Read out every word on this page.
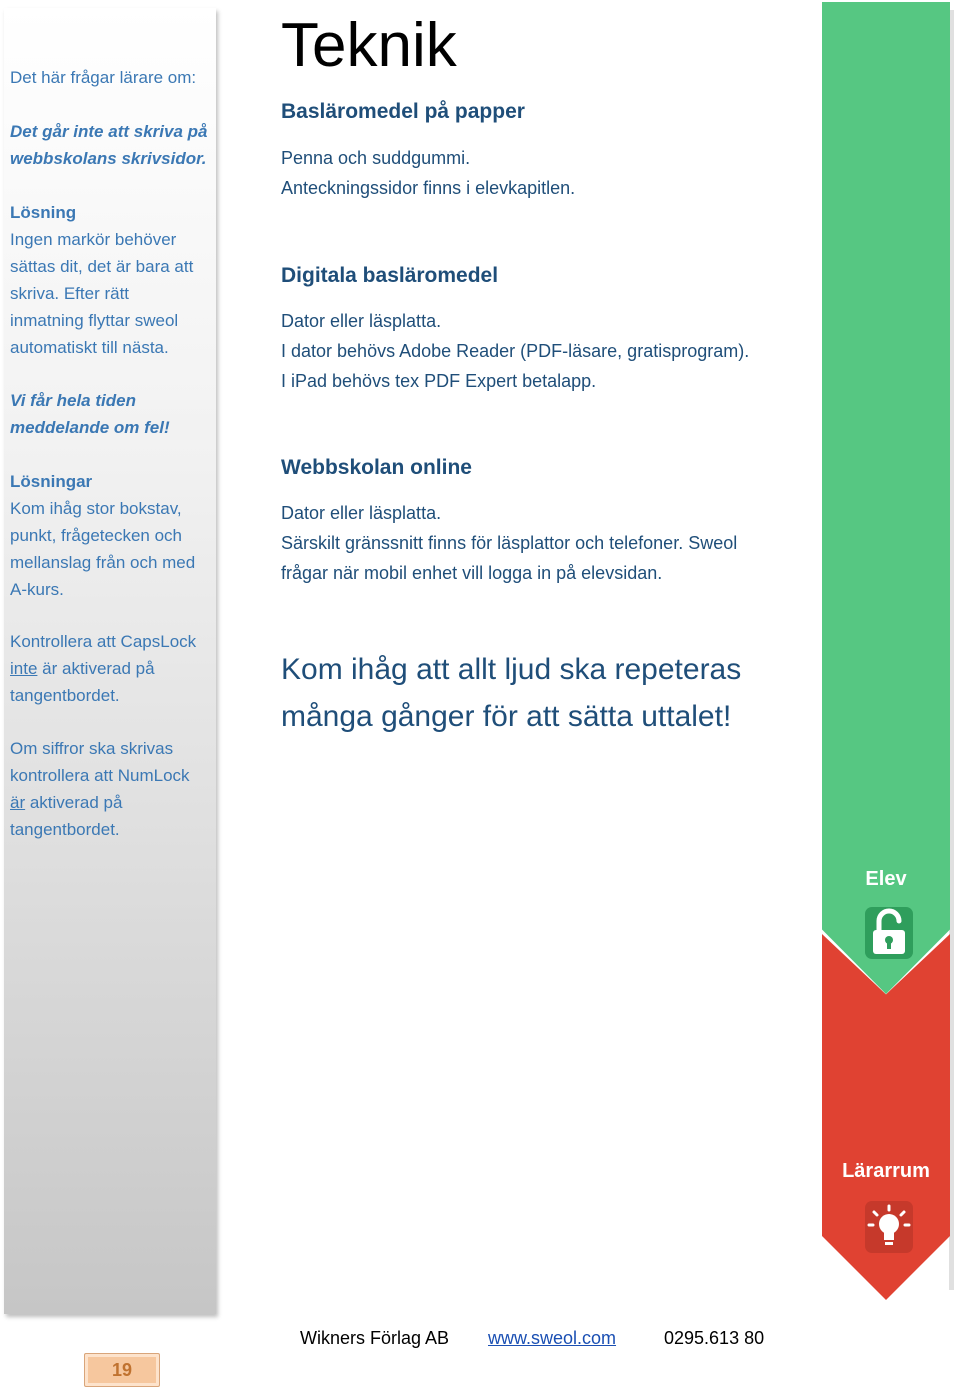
Det här frågar lärare om:
Det går inte att skriva på
webbskolans skrivsidor.
Lösning
Ingen markör behöver
sättas dit, det är bara att
skriva. Efter rätt
inmatning flyttar sweol
automatiskt till nästa.
Vi får hela tiden
meddelande om fel!
Lösningar
Kom ihåg stor bokstav,
punkt, frågetecken och
mellanslag från och med
A-kurs.
Kontrollera att CapsLock
inte är aktiverad på
tangentbordet.
Om siffror ska skrivas
kontrollera att NumLock
är aktiverad på
tangentbordet.
Teknik
Basläromedel på papper
Penna och suddgummi.
Anteckningssidor finns i elevkapitlen.
Digitala basläromedel
Dator eller läsplatta.
I dator behövs Adobe Reader (PDF-läsare, gratisprogram).
I iPad behövs tex PDF Expert betalapp.
Webbskolan online
Dator eller läsplatta.
Särskilt gränssnitt finns för läsplattor och telefoner. Sweol
frågar när mobil enhet vill logga in på elevsidan.
Kom ihåg att allt ljud ska repeteras
många gånger för att sätta uttalet!
Elev
Lärarrum
19
Wikners Förlag AB www.sweol.com	0295.613 80
